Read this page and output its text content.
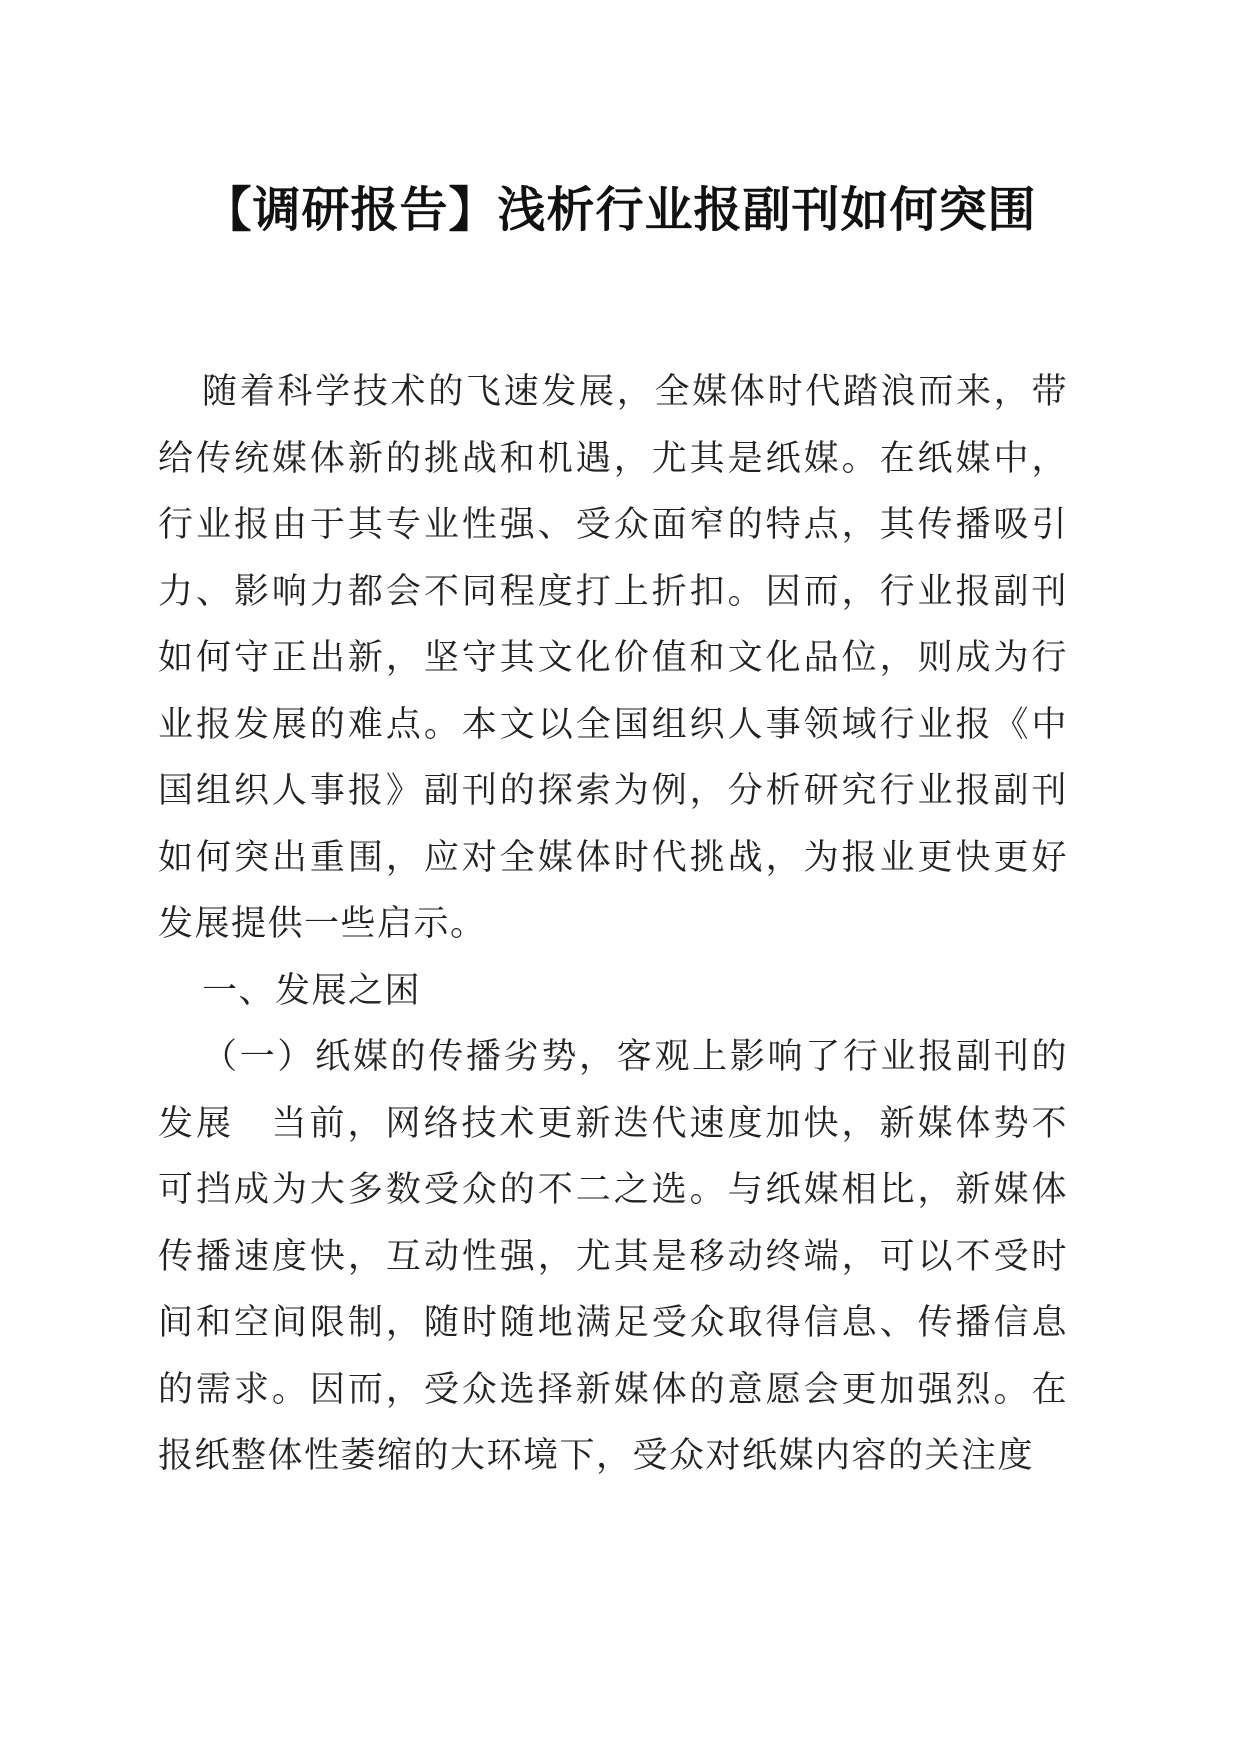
【调研报告】浅析行业报副刊如何突围

随着科学技术的飞速发展，全媒体时代踏浪而来，带给传统媒体新的挑战和机遇，尤其是纸媒。在纸媒中，行业报由于其专业性强、受众面窄的特点，其传播吸引力、影响力都会不同程度打上折扣。因而，行业报副刊如何守正出新，坚守其文化价值和文化品位，则成为行业报发展的难点。本文以全国组织人事领域行业报《中国组织人事报》副刊的探索为例，分析研究行业报副刊如何突出重围，应对全媒体时代挑战，为报业更快更好发展提供一些启示。

一、发展之困

（一）纸媒的传播劣势，客观上影响了行业报副刊的发展 当前，网络技术更新迭代速度加快，新媒体势不可挡成为大多数受众的不二之选。与纸媒相比，新媒体传播速度快，互动性强，尤其是移动终端，可以不受时间和空间限制，随时随地满足受众取得信息、传播信息的需求。因而，受众选择新媒体的意愿会更加强烈。在报纸整体性萎缩的大环境下，受众对纸媒内容的关注度
